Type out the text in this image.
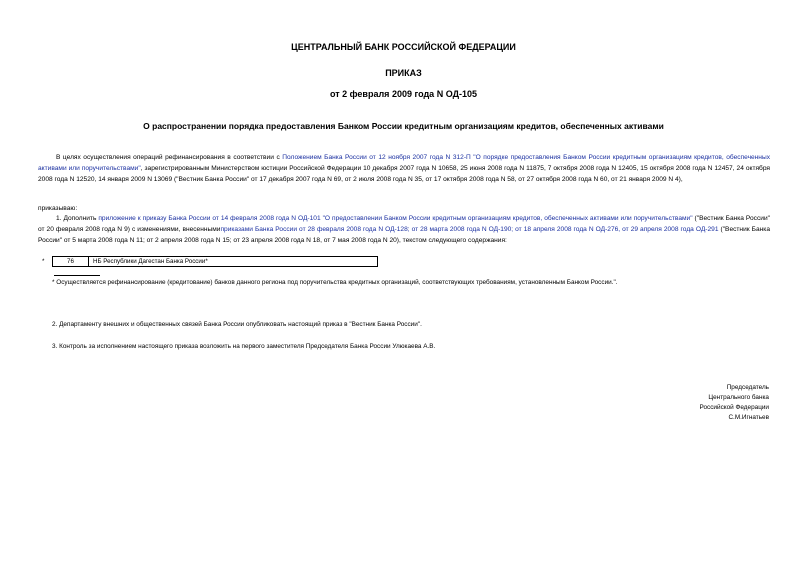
ЦЕНТРАЛЬНЫЙ БАНК РОССИЙСКОЙ ФЕДЕРАЦИИ
ПРИКАЗ
от 2 февраля 2009 года N ОД-105
О распространении порядка предоставления Банком России кредитным организациям кредитов, обеспеченных активами
В целях осуществления операций рефинансирования в соответствии с Положением Банка России от 12 ноября 2007 года N 312-П "О порядке предоставления Банком России кредитным организациям кредитов, обеспеченных активами или поручительствами", зарегистрированным Министерством юстиции Российской Федерации 10 декабря 2007 года N 10658, 25 июня 2008 года N 11875, 7 октября 2008 года N 12405, 15 октября 2008 года N 12457, 24 октября 2008 года N 12520, 14 января 2009 N 13069 ("Вестник Банка России" от 17 декабря 2007 года N 69, от 2 июля 2008 года N 35, от 17 октября 2008 года N 58, от 27 октября 2008 года N 60, от 21 января 2009 N 4),
приказываю:
1. Дополнить приложение к приказу Банка России от 14 февраля 2008 года N ОД-101 "О предоставлении Банком России кредитным организациям кредитов, обеспеченных активами или поручительствами" ("Вестник Банка России" от 20 февраля 2008 года N 9) с изменениями, внесеннымиприказами Банка России от 28 февраля 2008 года N ОД-128; от 28 марта 2008 года N ОД-190; от 18 апреля 2008 года N ОД-276, от 29 апреля 2008 года ОД-291 ("Вестник Банка России" от 5 марта 2008 года N 11; от 2 апреля 2008 года N 15; от 23 апреля 2008 года N 18, от 7 мая 2008 года N 20), текстом следующего содержания:
*	76	НБ Республики Дагестан Банка России*
* Осуществляется рефинансирование (кредитование) банков данного региона под поручительства кредитных организаций, соответствующих требованиям, установленным Банком России.".
2. Департаменту внешних и общественных связей Банка России опубликовать настоящий приказ в "Вестник Банка России".
3. Контроль за исполнением настоящего приказа возложить на первого заместителя Председателя Банка России Улюкаева А.В.
Председатель
Центрального банка
Российской Федерации
С.М.Игнатьев
